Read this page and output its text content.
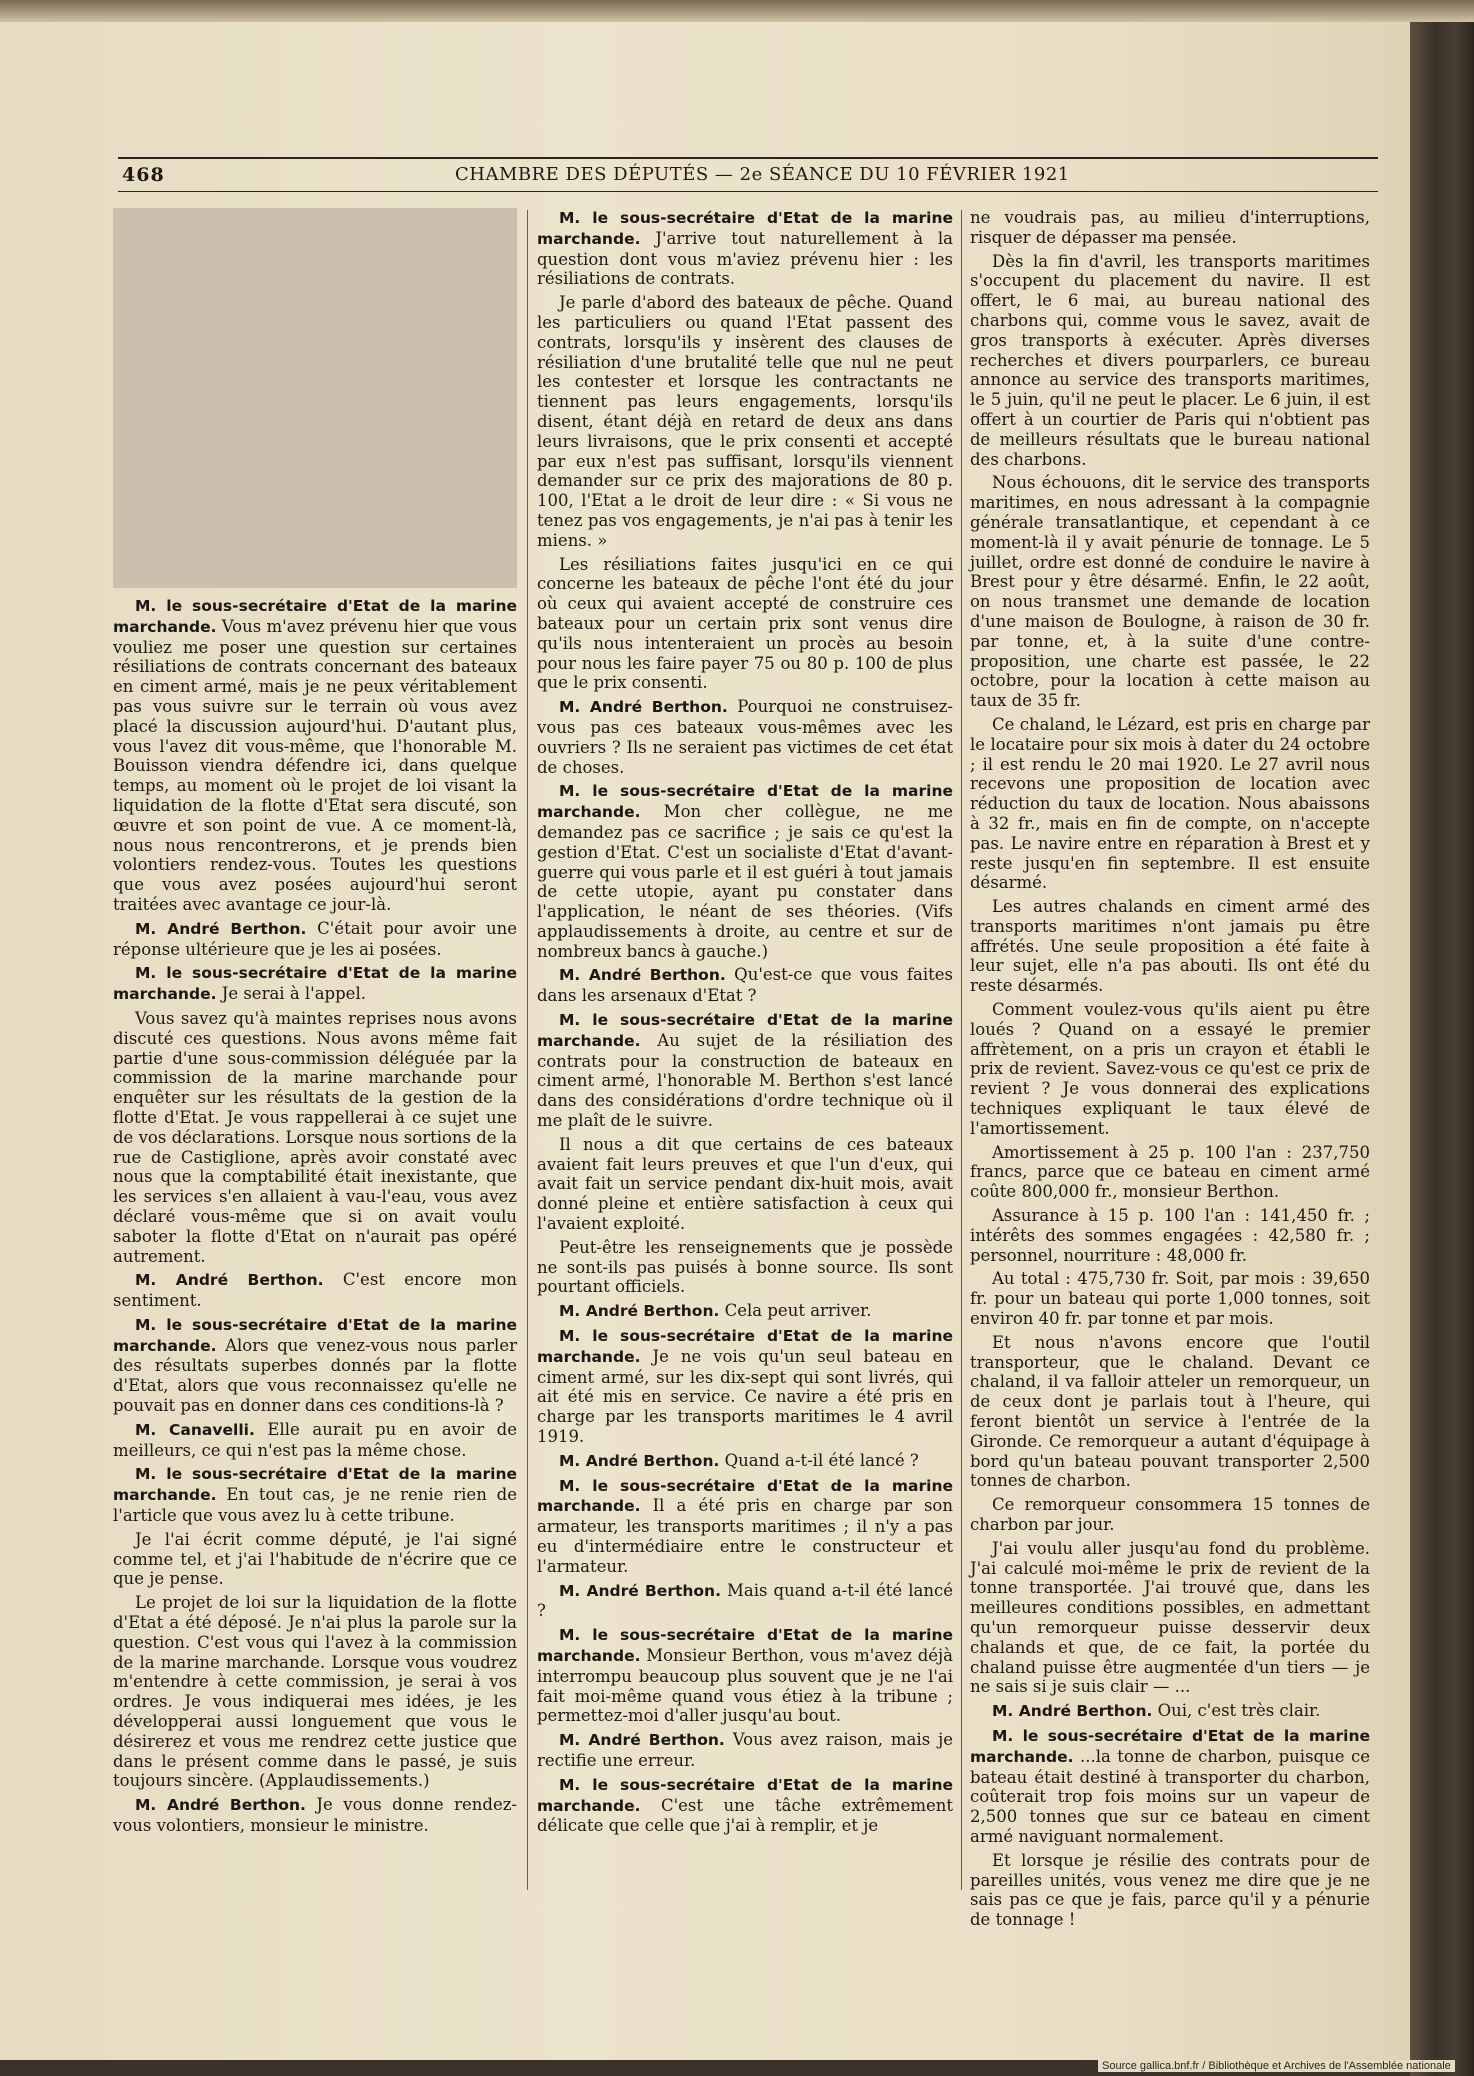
468	CHAMBRE DES DÉPUTÉS — 2e SÉANCE DU 10 FÉVRIER 1921

M. le sous-secrétaire d'Etat de la marine marchande. Vous m'avez prévenu hier que vous vouliez me poser une question sur certaines résiliations de contrats concernant des bateaux en ciment armé, mais je ne peux véritablement pas vous suivre sur le terrain où vous avez placé la discussion aujourd'hui. D'autant plus, vous l'avez dit vous-même, que l'honorable M. Bouisson viendra défendre ici, dans quelque temps, au moment où le projet de loi visant la liquidation de la flotte d'Etat sera discuté, son œuvre et son point de vue. A ce moment-là, nous nous rencontrerons, et je prends bien volontiers rendez-vous. Toutes les questions que vous avez posées aujourd'hui seront traitées avec avantage ce jour-là.

M. André Berthon. C'était pour avoir une réponse ultérieure que je les ai posées.

M. le sous-secrétaire d'Etat de la marine marchande. Je serai à l'appel.

Vous savez qu'à maintes reprises nous avons discuté ces questions. Nous avons même fait partie d'une sous-commission déléguée par la commission de la marine marchande pour enquêter sur les résultats de la gestion de la flotte d'Etat. Je vous rappellerai à ce sujet une de vos déclarations. Lorsque nous sortions de la rue de Castiglione, après avoir constaté avec nous que la comptabilité était inexistante, que les services s'en allaient à vau-l'eau, vous avez déclaré vous-même que si on avait voulu saboter la flotte d'Etat on n'aurait pas opéré autrement.

M. André Berthon. C'est encore mon sentiment.

M. le sous-secrétaire d'Etat de la marine marchande. Alors que venez-vous nous parler des résultats superbes donnés par la flotte d'Etat, alors que vous reconnaissez qu'elle ne pouvait pas en donner dans ces conditions-là ?

M. Canavelli. Elle aurait pu en avoir de meilleurs, ce qui n'est pas la même chose.

M. le sous-secrétaire d'Etat de la marine marchande. En tout cas, je ne renie rien de l'article que vous avez lu à cette tribune.

Je l'ai écrit comme député, je l'ai signé comme tel, et j'ai l'habitude de n'écrire que ce que je pense.

Le projet de loi sur la liquidation de la flotte d'Etat a été déposé. Je n'ai plus la parole sur la question. C'est vous qui l'avez à la commission de la marine marchande. Lorsque vous voudrez m'entendre à cette commission, je serai à vos ordres. Je vous indiquerai mes idées, je les développerai aussi longuement que vous le désirerez et vous me rendrez cette justice que dans le présent comme dans le passé, je suis toujours sincère. (Applaudissements.)

M. André Berthon. Je vous donne rendez-vous volontiers, monsieur le ministre.

M. le sous-secrétaire d'Etat de la marine marchande. J'arrive tout naturellement à la question dont vous m'aviez prévenu hier : les résiliations de contrats.

Je parle d'abord des bateaux de pêche. Quand les particuliers ou quand l'Etat passent des contrats, lorsqu'ils y insèrent des clauses de résiliation d'une brutalité telle que nul ne peut les contester et lorsque les contractants ne tiennent pas leurs engagements, lorsqu'ils disent, étant déjà en retard de deux ans dans leurs livraisons, que le prix consenti et accepté par eux n'est pas suffisant, lorsqu'ils viennent demander sur ce prix des majorations de 80 p. 100, l'Etat a le droit de leur dire : « Si vous ne tenez pas vos engagements, je n'ai pas à tenir les miens. »

Les résiliations faites jusqu'ici en ce qui concerne les bateaux de pêche l'ont été du jour où ceux qui avaient accepté de construire ces bateaux pour un certain prix sont venus dire qu'ils nous intenteraient un procès au besoin pour nous les faire payer 75 ou 80 p. 100 de plus que le prix consenti.

M. André Berthon. Pourquoi ne construisez-vous pas ces bateaux vous-mêmes avec les ouvriers ? Ils ne seraient pas victimes de cet état de choses.

M. le sous-secrétaire d'Etat de la marine marchande. Mon cher collègue, ne me demandez pas ce sacrifice ; je sais ce qu'est la gestion d'Etat. C'est un socialiste d'Etat d'avant-guerre qui vous parle et il est guéri à tout jamais de cette utopie, ayant pu constater dans l'application, le néant de ses théories. (Vifs applaudissements à droite, au centre et sur de nombreux bancs à gauche.)

M. André Berthon. Qu'est-ce que vous faites dans les arsenaux d'Etat ?

M. le sous-secrétaire d'Etat de la marine marchande. Au sujet de la résiliation des contrats pour la construction de bateaux en ciment armé, l'honorable M. Berthon s'est lancé dans des considérations d'ordre technique où il me plaît de le suivre.

Il nous a dit que certains de ces bateaux avaient fait leurs preuves et que l'un d'eux, qui avait fait un service pendant dix-huit mois, avait donné pleine et entière satisfaction à ceux qui l'avaient exploité.

Peut-être les renseignements que je possède ne sont-ils pas puisés à bonne source. Ils sont pourtant officiels.

M. André Berthon. Cela peut arriver.

M. le sous-secrétaire d'Etat de la marine marchande. Je ne vois qu'un seul bateau en ciment armé, sur les dix-sept qui sont livrés, qui ait été mis en service. Ce navire a été pris en charge par les transports maritimes le 4 avril 1919.

M. André Berthon. Quand a-t-il été lancé ?

M. le sous-secrétaire d'Etat de la marine marchande. Il a été pris en charge par son armateur, les transports maritimes ; il n'y a pas eu d'intermédiaire entre le constructeur et l'armateur.

M. André Berthon. Mais quand a-t-il été lancé ?

M. le sous-secrétaire d'Etat de la marine marchande. Monsieur Berthon, vous m'avez déjà interrompu beaucoup plus souvent que je ne l'ai fait moi-même quand vous étiez à la tribune ; permettez-moi d'aller jusqu'au bout.

M. André Berthon. Vous avez raison, mais je rectifie une erreur.

M. le sous-secrétaire d'Etat de la marine marchande. C'est une tâche extrêmement délicate que celle que j'ai à remplir, et je

ne voudrais pas, au milieu d'interruptions, risquer de dépasser ma pensée.

Dès la fin d'avril, les transports maritimes s'occupent du placement du navire. Il est offert, le 6 mai, au bureau national des charbons qui, comme vous le savez, avait de gros transports à exécuter. Après diverses recherches et divers pourparlers, ce bureau annonce au service des transports maritimes, le 5 juin, qu'il ne peut le placer. Le 6 juin, il est offert à un courtier de Paris qui n'obtient pas de meilleurs résultats que le bureau national des charbons.

Nous échouons, dit le service des transports maritimes, en nous adressant à la compagnie générale transatlantique, et cependant à ce moment-là il y avait pénurie de tonnage. Le 5 juillet, ordre est donné de conduire le navire à Brest pour y être désarmé. Enfin, le 22 août, on nous transmet une demande de location d'une maison de Boulogne, à raison de 30 fr. par tonne, et, à la suite d'une contre-proposition, une charte est passée, le 22 octobre, pour la location à cette maison au taux de 35 fr.

Ce chaland, le Lézard, est pris en charge par le locataire pour six mois à dater du 24 octobre ; il est rendu le 20 mai 1920. Le 27 avril nous recevons une proposition de location avec réduction du taux de location. Nous abaissons à 32 fr., mais en fin de compte, on n'accepte pas. Le navire entre en réparation à Brest et y reste jusqu'en fin septembre. Il est ensuite désarmé.

Les autres chalands en ciment armé des transports maritimes n'ont jamais pu être affrétés. Une seule proposition a été faite à leur sujet, elle n'a pas abouti. Ils ont été du reste désarmés.

Comment voulez-vous qu'ils aient pu être loués ? Quand on a essayé le premier affrètement, on a pris un crayon et établi le prix de revient. Savez-vous ce qu'est ce prix de revient ? Je vous donnerai des explications techniques expliquant le taux élevé de l'amortissement.

Amortissement à 25 p. 100 l'an : 237,750 francs, parce que ce bateau en ciment armé coûte 800,000 fr., monsieur Berthon.

Assurance à 15 p. 100 l'an : 141,450 fr. ; intérêts des sommes engagées : 42,580 fr. ; personnel, nourriture : 48,000 fr.

Au total : 475,730 fr. Soit, par mois : 39,650 fr. pour un bateau qui porte 1,000 tonnes, soit environ 40 fr. par tonne et par mois.

Et nous n'avons encore que l'outil transporteur, que le chaland. Devant ce chaland, il va falloir atteler un remorqueur, un de ceux dont je parlais tout à l'heure, qui feront bientôt un service à l'entrée de la Gironde. Ce remorqueur a autant d'équipage à bord qu'un bateau pouvant transporter 2,500 tonnes de charbon.

Ce remorqueur consommera 15 tonnes de charbon par jour.

J'ai voulu aller jusqu'au fond du problème. J'ai calculé moi-même le prix de revient de la tonne transportée. J'ai trouvé que, dans les meilleures conditions possibles, en admettant qu'un remorqueur puisse desservir deux chalands et que, de ce fait, la portée du chaland puisse être augmentée d'un tiers — je ne sais si je suis clair — ...

M. André Berthon. Oui, c'est très clair.

M. le sous-secrétaire d'Etat de la marine marchande. ...la tonne de charbon, puisque ce bateau était destiné à transporter du charbon, coûterait trop fois moins sur un vapeur de 2,500 tonnes que sur ce bateau en ciment armé naviguant normalement.

Et lorsque je résilie des contrats pour de pareilles unités, vous venez me dire que je ne sais pas ce que je fais, parce qu'il y a pénurie de tonnage !

Source gallica.bnf.fr / Bibliothèque et Archives de l'Assemblée nationale
